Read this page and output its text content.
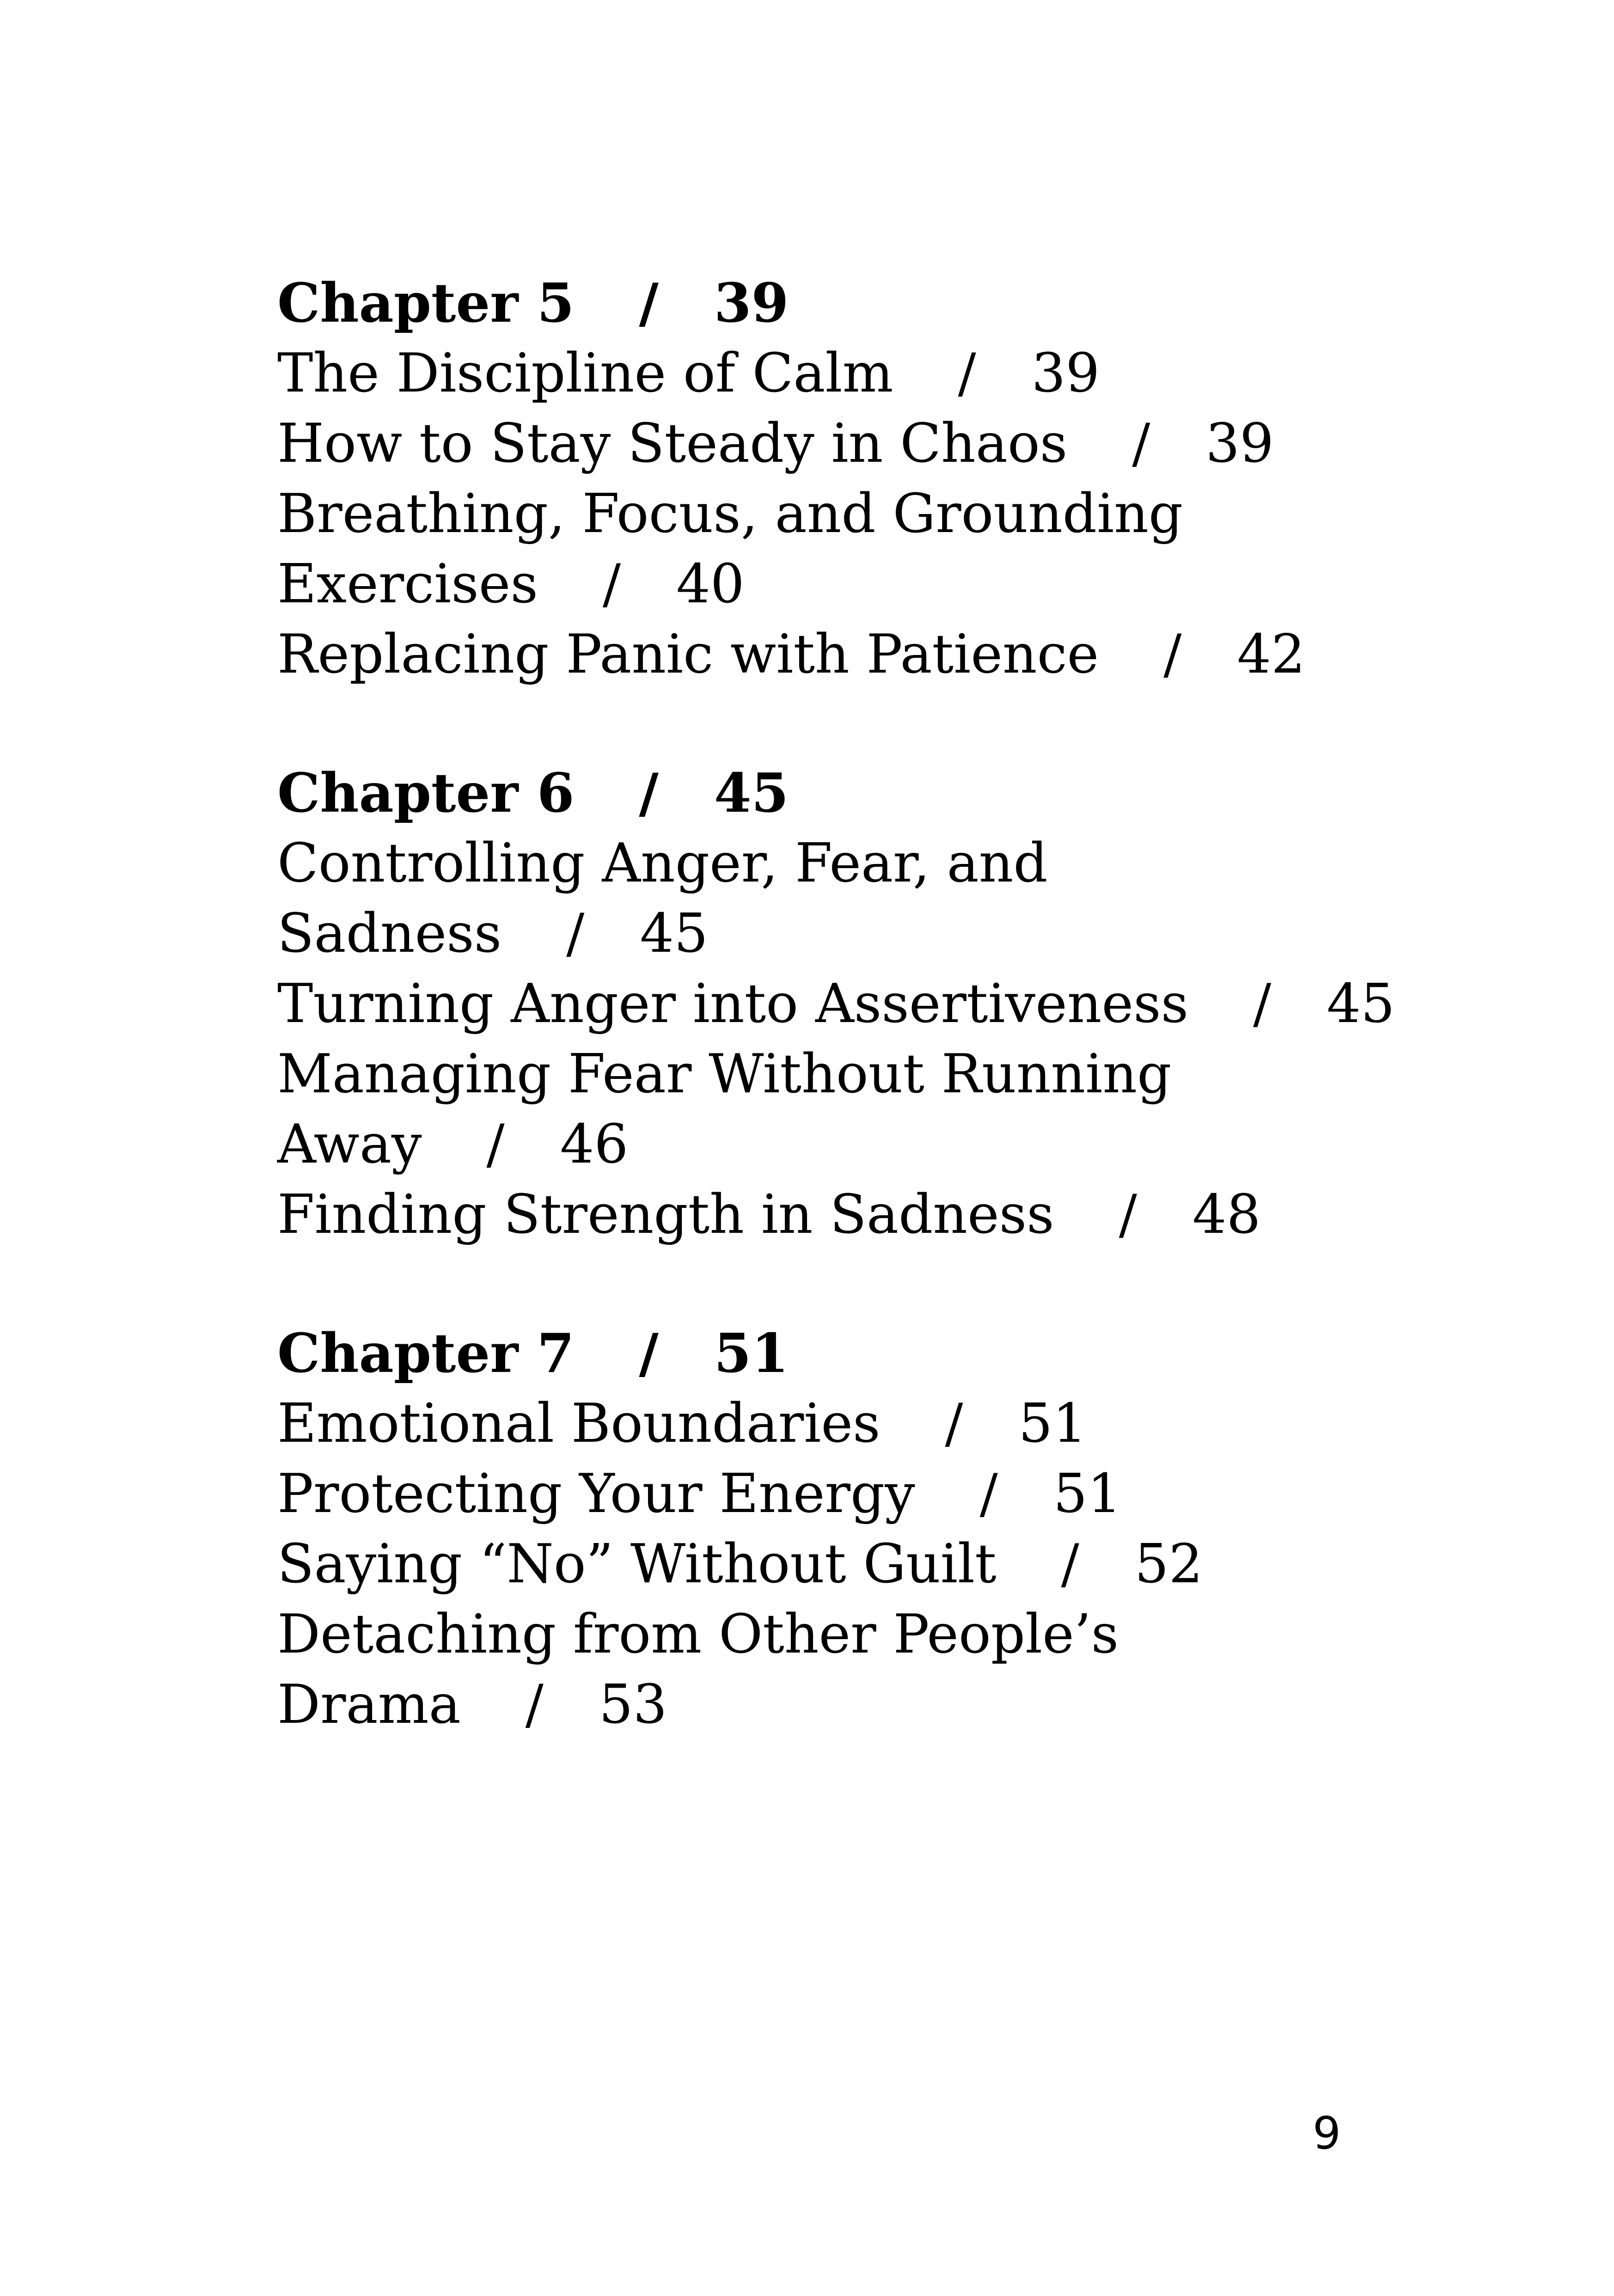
Chapter 5 / 39
The Discipline of Calm / 39
How to Stay Steady in Chaos / 39
Breathing, Focus, and Grounding
Exercises / 40
Replacing Panic with Patience / 42
Chapter 6 / 45
Controlling Anger, Fear, and
Sadness / 45
Turning Anger into Assertiveness / 45
Managing Fear Without Running
Away / 46
Finding Strength in Sadness / 48
Chapter 7 / 51
Emotional Boundaries / 51
Protecting Your Energy / 51
Saying “No” Without Guilt / 52
Detaching from Other People’s
Drama / 53
9
